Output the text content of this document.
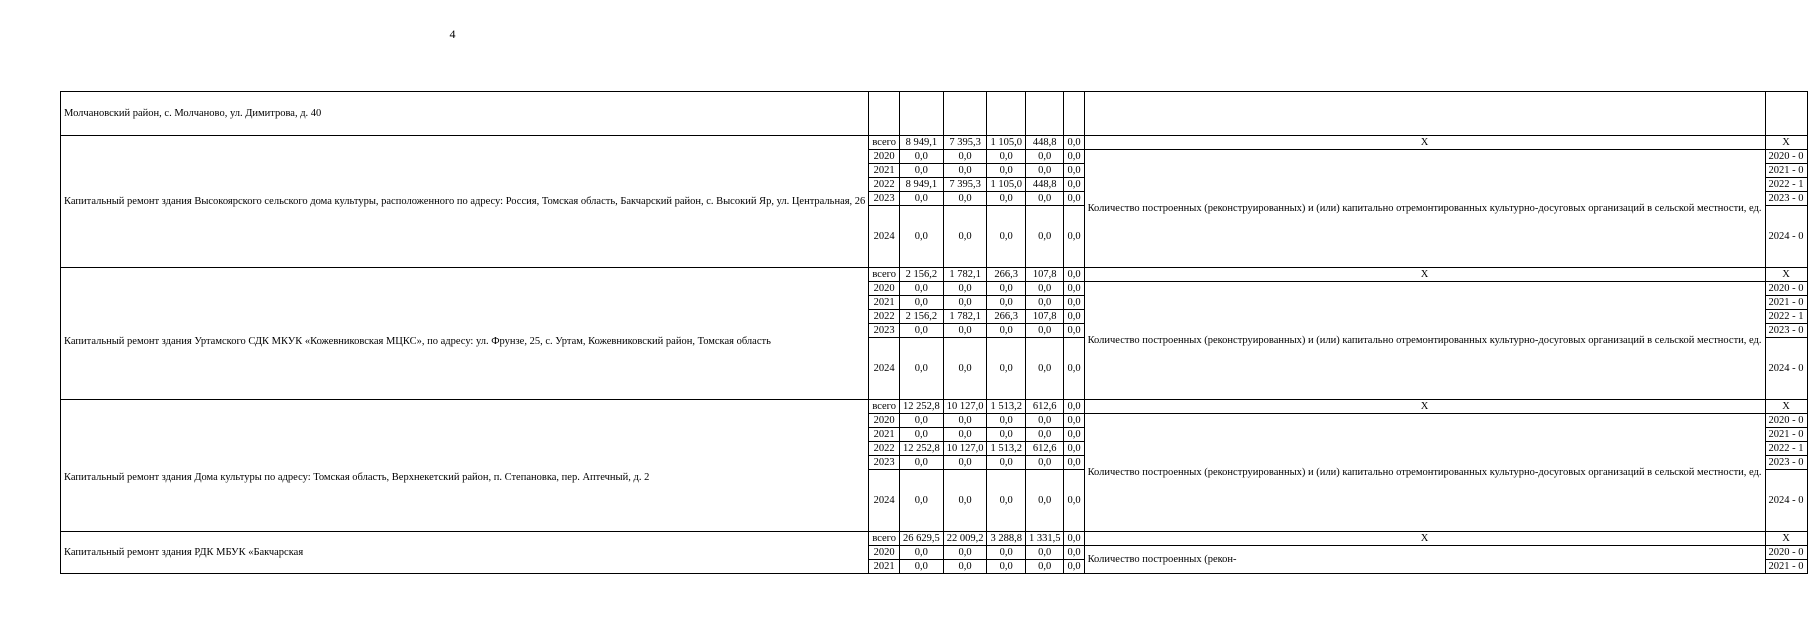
4
Молчановский район, с. Молчаново, ул. Димитрова, д. 40								
Капитальный ремонт здания Высокоярского сельского дома культуры, расположенного по адресу: Россия, Томская область, Бакчарский район, с. Высокий Яр, ул. Центральная, 26	всего	8 949,1	7 395,3	1 105,0	448,8	0,0	Х	Х
	2020	0,0	0,0	0,0	0,0	0,0	Количество построенных (реконструированных) и (или) капитально отремонтированных культурно-досуговых организаций в сельской местности, ед.	2020 - 0
	2021	0,0	0,0	0,0	0,0	0,0		2021 - 0
	2022	8 949,1	7 395,3	1 105,0	448,8	0,0		2022 - 1
	2023	0,0	0,0	0,0	0,0	0,0		2023 - 0
	2024	0,0	0,0	0,0	0,0	0,0		2024 - 0
Капитальный ремонт здания Уртамского СДК МКУК «Кожевниковская МЦКС», по адресу: ул. Фрунзе, 25, с. Уртам, Кожевниковский район, Томская область	всего	2 156,2	1 782,1	266,3	107,8	0,0	Х	Х
	2020	0,0	0,0	0,0	0,0	0,0	Количество построенных (реконструированных) и (или) капитально отремонтированных культурно-досуговых организаций в сельской местности, ед.	2020 - 0
	2021	0,0	0,0	0,0	0,0	0,0		2021 - 0
	2022	2 156,2	1 782,1	266,3	107,8	0,0		2022 - 1
	2023	0,0	0,0	0,0	0,0	0,0		2023 - 0
	2024	0,0	0,0	0,0	0,0	0,0		2024 - 0
Капитальный ремонт здания Дома культуры по адресу: Томская область, Верхнекетский район, п. Степановка, пер. Аптечный, д. 2	всего	12 252,8	10 127,0	1 513,2	612,6	0,0	Х	Х
	2020	0,0	0,0	0,0	0,0	0,0	Количество построенных (реконструированных) и (или) капитально отремонтированных культурно-досуговых организаций в сельской местности, ед.	2020 - 0
	2021	0,0	0,0	0,0	0,0	0,0		2021 - 0
	2022	12 252,8	10 127,0	1 513,2	612,6	0,0		2022 - 1
	2023	0,0	0,0	0,0	0,0	0,0		2023 - 0
	2024	0,0	0,0	0,0	0,0	0,0		2024 - 0
Капитальный ремонт здания РДК МБУК «Бакчарская	всего	26 629,5	22 009,2	3 288,8	1 331,5	0,0	Х	Х
	2020	0,0	0,0	0,0	0,0	0,0	Количество построенных (рекон-	2020 - 0
	2021	0,0	0,0	0,0	0,0	0,0		2021 - 0
